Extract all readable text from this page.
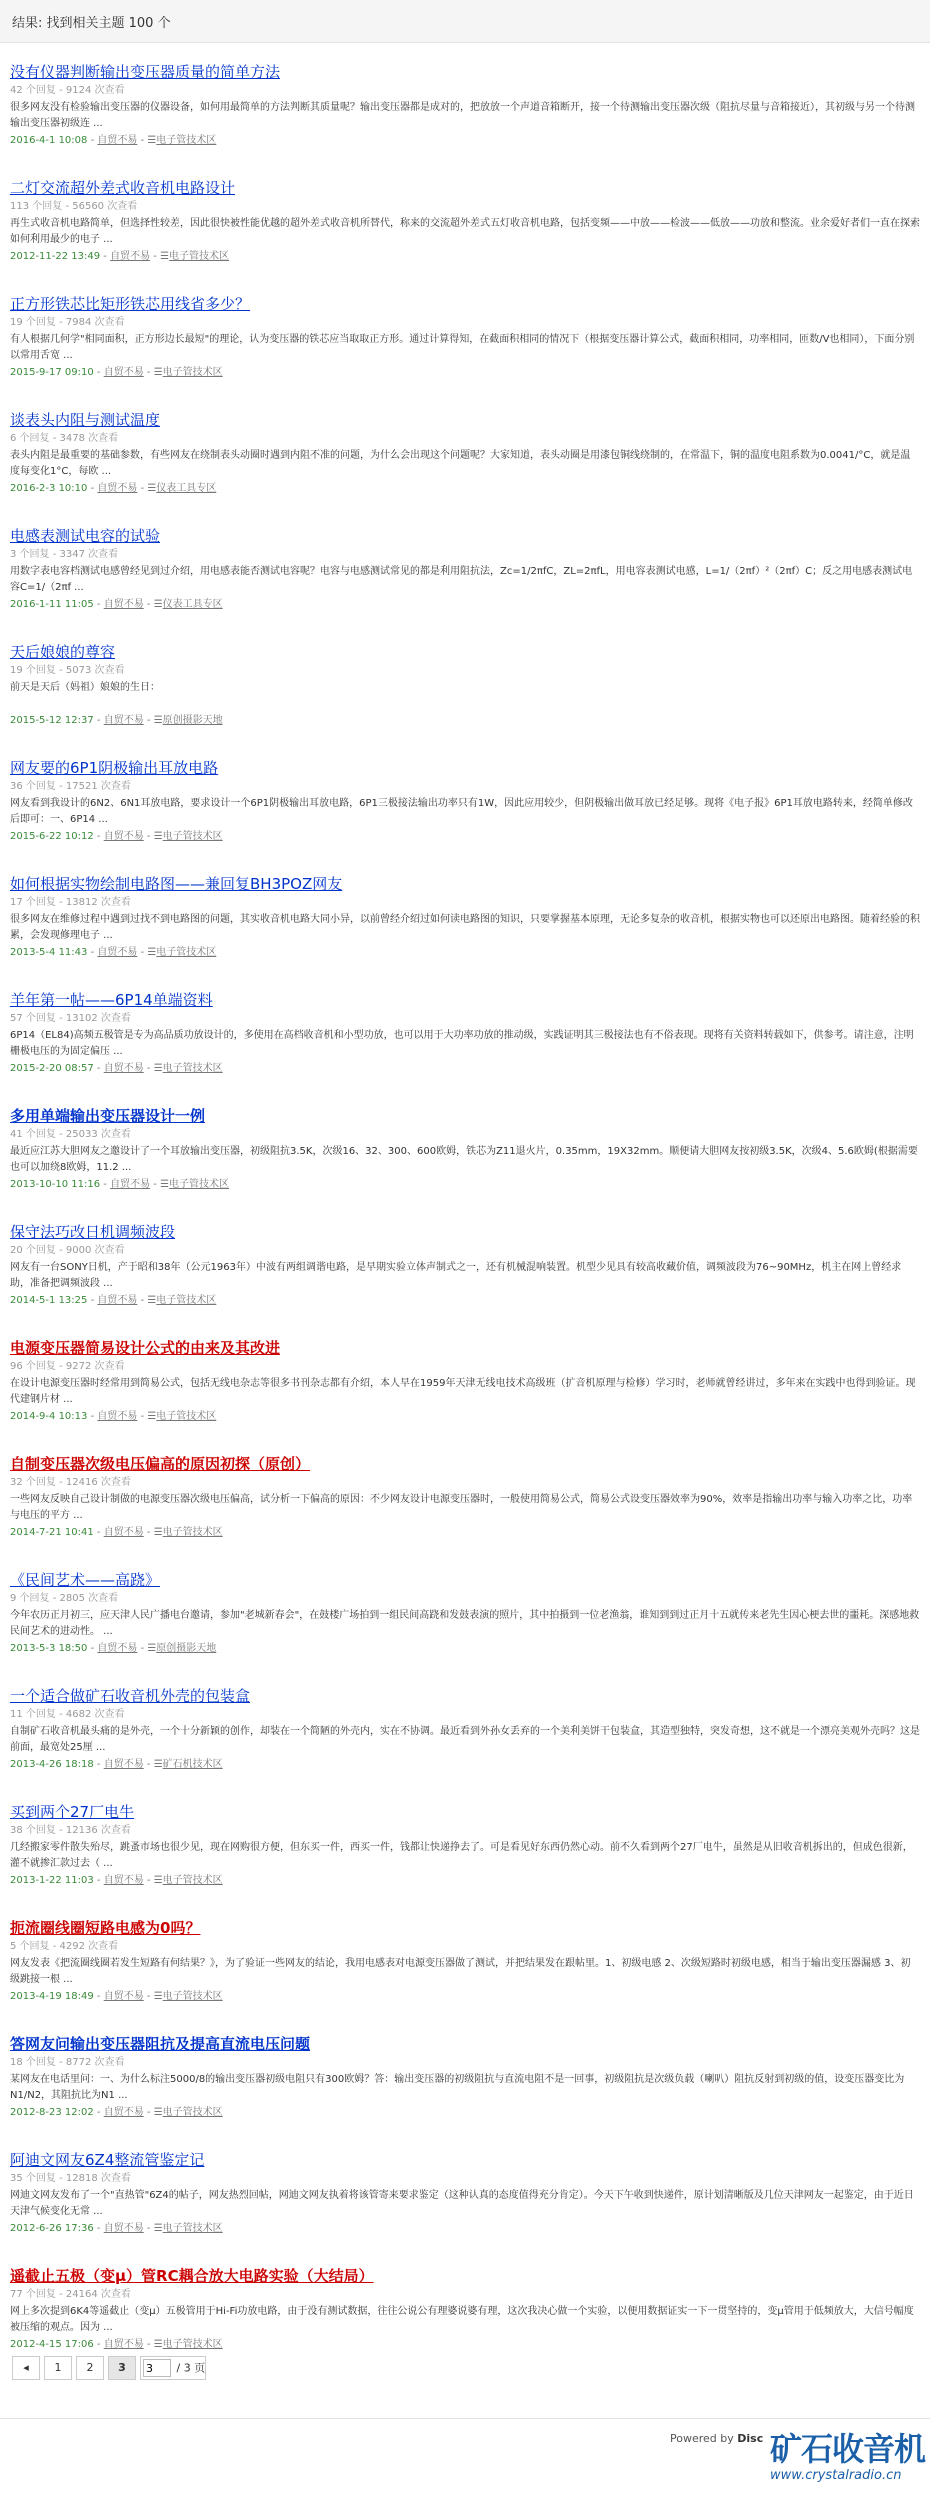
结果: 找到相关主题 100 个
没有仪器判断输出变压器质量的简单方法
42 个回复 - 9124 次查看
很多网友没有检验输出变压器的仪器设备，如何用最简单的方法判断其质量呢？输出变压器都是成对的，把放放一个声道音箱断开，接一个待测输出变压器次级（阻抗尽量与音箱接近），其初级与另一个待测输出变压器初级连 ...
2016-4-1 10:08 - 自贸不易 - ☰电子管技术区
二灯交流超外差式收音机电路设计
113 个回复 - 56560 次查看
再生式收音机电路简单，但选择性较差，因此很快被性能优越的超外差式收音机所替代，称来的交流超外差式五灯收音机电路，包括变频——中放——检波——低放——功放和整流。业余爱好者们一直在探索如何利用最少的电子 ...
2012-11-22 13:49 - 自贸不易 - ☰电子管技术区
正方形铁芯比矩形铁芯用线省多少？
19 个回复 - 7984 次查看
有人根据几何学"相同面积，正方形边长最短"的理论，认为变压器的铁芯应当取取正方形。通过计算得知，在截面积相同的情况下（根据变压器计算公式，截面积相同，功率相同，匝数/V也相同），下面分别以常用舌宽 ...
2015-9-17 09:10 - 自贸不易 - ☰电子管技术区
谈表头内阻与测试温度
6 个回复 - 3478 次查看
表头内阻是最重要的基础参数，有些网友在绕制表头动圈时遇到内阻不准的问题，为什么会出现这个问题呢？大家知道，表头动圈是用漆包铜线绕制的，在常温下，铜的温度电阻系数为0.0041/°C，就是温度每变化1°C，每欧 ...
2016-2-3 10:10 - 自贸不易 - ☰仪表工具专区
电感表测试电容的试验
3 个回复 - 3347 次查看
用数字表电容档测试电感曾经见到过介绍，用电感表能否测试电容呢？电容与电感测试常见的都是利用阻抗法，Zc=1/2πfC，ZL=2πfL，用电容表测试电感，L=1/（2πf）²（2πf）C；反之用电感表测试电容C=1/（2πf ...
2016-1-11 11:05 - 自贸不易 - ☰仪表工具专区
天后娘娘的尊容
19 个回复 - 5073 次查看
前天是天后（妈祖）娘娘的生日：
2015-5-12 12:37 - 自贸不易 - ☰原创摄影天地
网友要的6P1阴极输出耳放电路
36 个回复 - 17521 次查看
网友看到我设计的6N2、6N1耳放电路，要求设计一个6P1阴极输出耳放电路，6P1三极接法输出功率只有1W，因此应用较少，但阴极输出做耳放已经足够。现将《电子报》6P1耳放电路转来，经简单修改后即可：一、6P14 ...
2015-6-22 10:12 - 自贸不易 - ☰电子管技术区
如何根据实物绘制电路图——兼回复BH3POZ网友
17 个回复 - 13812 次查看
很多网友在维修过程中遇到过找不到电路图的问题，其实收音机电路大同小异，以前曾经介绍过如何读电路图的知识，只要掌握基本原理，无论多复杂的收音机，根据实物也可以还原出电路图。随着经验的积累，会发现修理电子 ...
2013-5-4 11:43 - 自贸不易 - ☰电子管技术区
羊年第一帖——6P14单端资料
57 个回复 - 13102 次查看
6P14（EL84)高频五极管是专为高品质功放设计的，多使用在高档收音机和小型功放，也可以用于大功率功放的推动级，实践证明其三极接法也有不俗表现。现将有关资料转载如下，供参考。请注意，注明栅极电压的为固定偏压 ...
2015-2-20 08:57 - 自贸不易 - ☰电子管技术区
多用单端输出变压器设计一例
41 个回复 - 25033 次查看
最近应江苏大胆网友之邀设计了一个耳放输出变压器，初级阻抗3.5K，次级16、32、300、600欧姆，铁芯为Z11退火片，0.35mm，19X32mm。顺便请大胆网友按初级3.5K，次级4、5.6欧姆(根据需要也可以加绕8欧姆，11.2 ...
2013-10-10 11:16 - 自贸不易 - ☰电子管技术区
保守法巧改日机调频波段
20 个回复 - 9000 次查看
网友有一台SONY日机，产于昭和38年（公元1963年）中波有两组调谐电路，是早期实验立体声制式之一，还有机械混响装置。机型少见具有较高收藏价值，调频波段为76~90MHz，机主在网上曾经求助，准备把调频波段 ...
2014-5-1 13:25 - 自贸不易 - ☰电子管技术区
电源变压器简易设计公式的由来及其改进
96 个回复 - 9272 次查看
在设计电源变压器时经常用到简易公式，包括无线电杂志等很多书刊杂志都有介绍，本人早在1959年天津无线电技术高级班（扩音机原理与检修）学习时，老师就曾经讲过，多年来在实践中也得到验证。现代建钢片材 ...
2014-9-4 10:13 - 自贸不易 - ☰电子管技术区
自制变压器次级电压偏高的原因初探（原创）
32 个回复 - 12416 次查看
一些网友反映自己设计制做的电源变压器次级电压偏高，试分析一下偏高的原因：不少网友设计电源变压器时，一般使用简易公式，简易公式设变压器效率为90%，效率是指输出功率与输入功率之比，功率与电压的平方 ...
2014-7-21 10:41 - 自贸不易 - ☰电子管技术区
《民间艺术——高跷》
9 个回复 - 2805 次查看
今年农历正月初三，应天津人民广播电台邀请，参加"老城新春会"，在鼓楼广场拍到一组民间高跷和发鼓表演的照片，其中拍摄到一位老渔翁，谁知到到过正月十五就传来老先生因心梗去世的噩耗。深感地救民间艺术的进动性。 ...
2013-5-3 18:50 - 自贸不易 - ☰原创摄影天地
一个适合做矿石收音机外壳的包装盒
11 个回复 - 4682 次查看
自制矿石收音机最头痛的是外壳，一个十分新颖的创作，却装在一个简陋的外壳内，实在不协调。最近看到外孙女丢弃的一个美利美饼干包装盒，其造型独特，突发奇想，这不就是一个漂亮美观外壳吗？这是前面，最宽处25厘 ...
2013-4-26 18:18 - 自贸不易 - ☰矿石机技术区
买到两个27厂电牛
38 个回复 - 12136 次查看
几经搬家零件散失殆尽，跳蚤市场也很少见，现在网购很方便，但东买一件，西买一件，钱都让快递挣去了。可是看见好东西仍然心动。前不久看到两个27厂电牛，虽然是从旧收音机拆出的，但成色很新，灌不就掺汇款过去（ ...
2013-1-22 11:03 - 自贸不易 - ☰电子管技术区
扼流圈线圈短路电感为0吗？
5 个回复 - 4292 次查看
网友发表《把流圈线圈若发生短路有何结果？》，为了验证一些网友的结论，我用电感表对电源变压器做了测试，并把结果发在跟帖里。1、初级电感 2、次级短路时初级电感，相当于输出变压器漏感 3、初级跳接一根 ...
2013-4-19 18:49 - 自贸不易 - ☰电子管技术区
答网友问输出变压器阻抗及提高直流电压问题
18 个回复 - 8772 次查看
某网友在电话里问：一、为什么标注5000/8的输出变压器初级电阻只有300欧姆？答：输出变压器的初级阻抗与直流电阻不是一回事，初级阻抗是次级负载（喇叭）阻抗反射到初级的值，设变压器变比为N1/N2，其阻抗比为N1 ...
2012-8-23 12:02 - 自贸不易 - ☰电子管技术区
阿迪文网友6Z4整流管鉴定记
35 个回复 - 12818 次查看
网迪文网友发布了一个"直热管"6Z4的帖子，网友热烈回帖，网迪文网友执着将该管寄来要求鉴定（这种认真的态度值得充分肯定）。今天下午收到快递件，原计划清晰版及几位天津网友一起鉴定，由于近日天津气候变化无常 ...
2012-6-26 17:36 - 自贸不易 - ☰电子管技术区
遥截止五极（变μ）管RC耦合放大电路实验（大结局）
77 个回复 - 24164 次查看
网上多次提到6K4等遥截止（变μ）五极管用于Hi-Fi功放电路，由于没有测试数据，往往公说公有理婆说婆有理，这次我决心做一个实验，以便用数据证实一下一贯坚持的，变μ管用于低频放大，大信号幅度被压缩的观点。因为 ...
2012-4-15 17:06 - 自贸不易 - ☰电子管技术区
◂	1	2	3
3	/ 3 页
Powered by Disc 矿石收音机
www.crystalradio.cn
